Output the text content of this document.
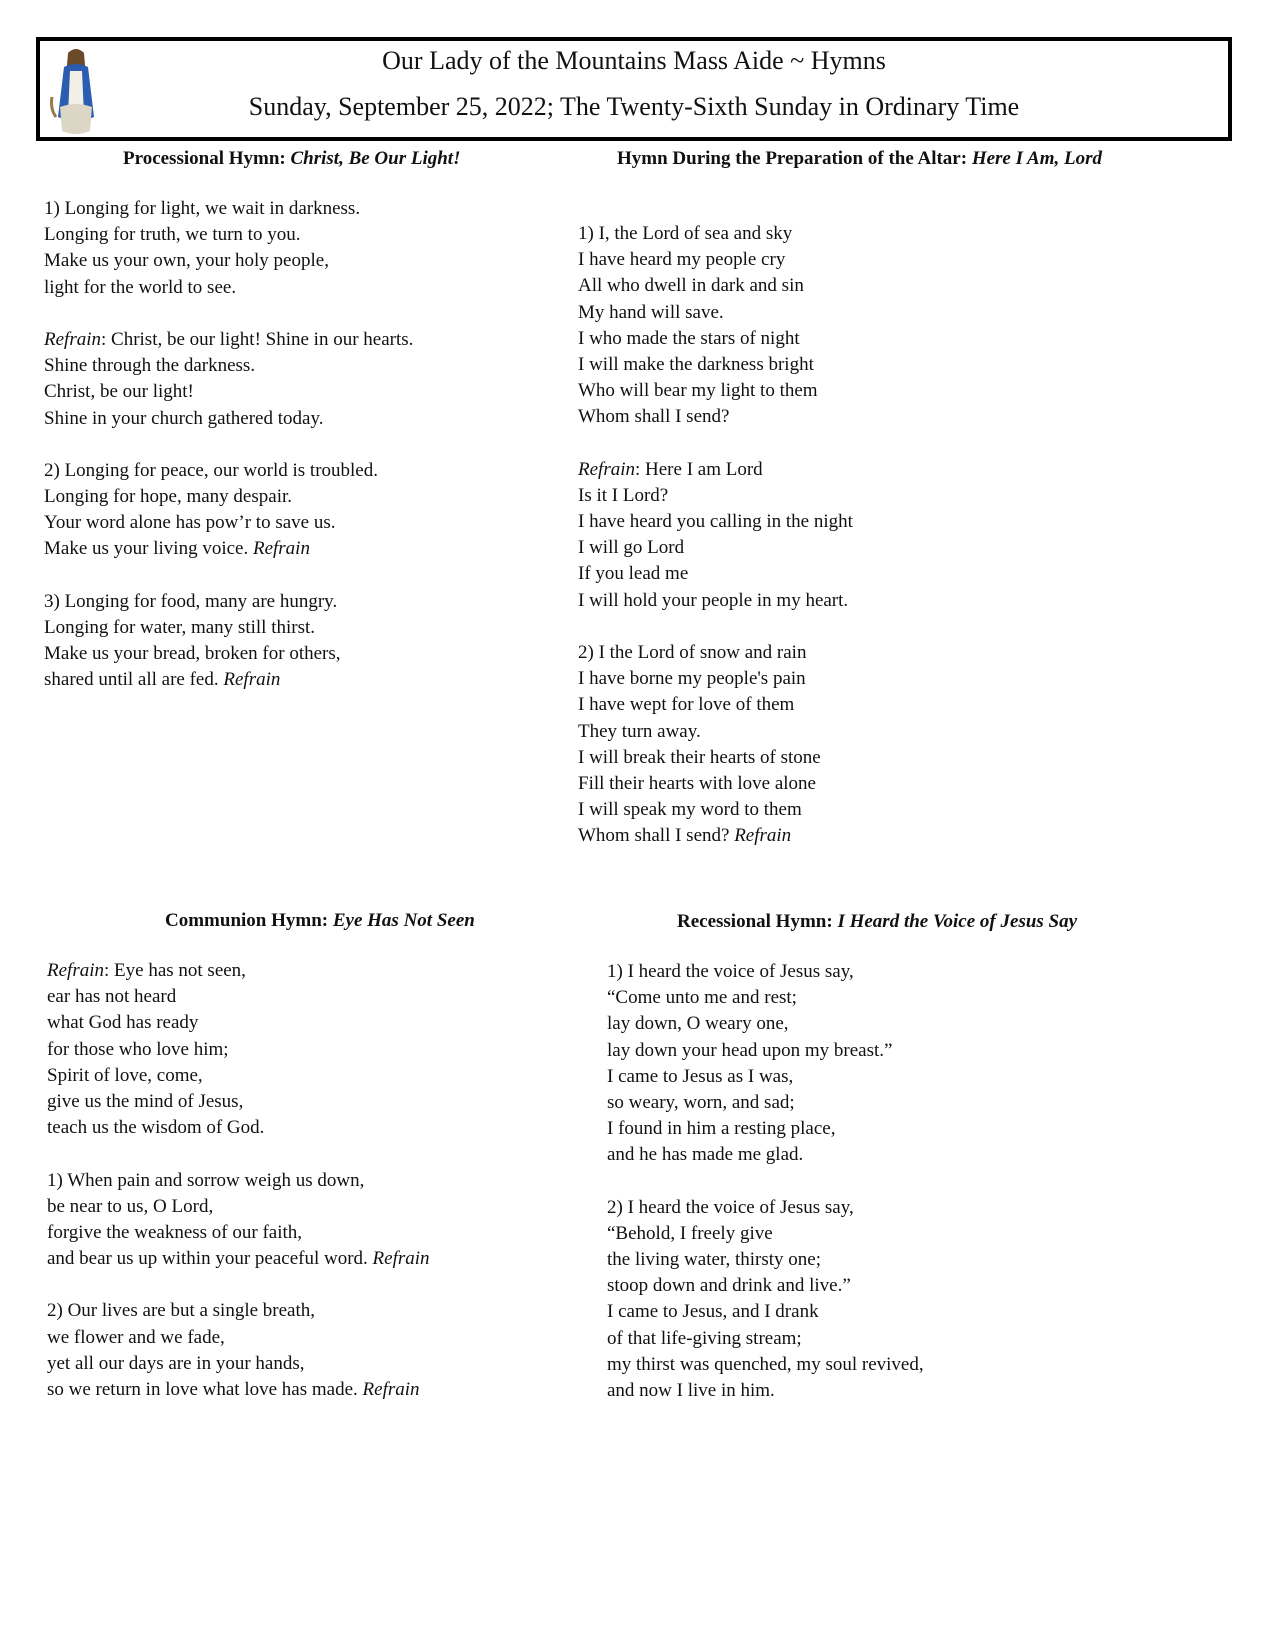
Our Lady of the Mountains Mass Aide ~ Hymns
Sunday, September 25, 2022; The Twenty-Sixth Sunday in Ordinary Time
Processional Hymn: Christ, Be Our Light!
1) Longing for light, we wait in darkness.
Longing for truth, we turn to you.
Make us your own, your holy people,
light for the world to see.
Refrain: Christ, be our light! Shine in our hearts.
Shine through the darkness.
Christ, be our light!
Shine in your church gathered today.
2) Longing for peace, our world is troubled.
Longing for hope, many despair.
Your word alone has pow’r to save us.
Make us your living voice. Refrain
3) Longing for food, many are hungry.
Longing for water, many still thirst.
Make us your bread, broken for others,
shared until all are fed. Refrain
Hymn During the Preparation of the Altar: Here I Am, Lord
1) I, the Lord of sea and sky
I have heard my people cry
All who dwell in dark and sin
My hand will save.
I who made the stars of night
I will make the darkness bright
Who will bear my light to them
Whom shall I send?
Refrain: Here I am Lord
Is it I Lord?
I have heard you calling in the night
I will go Lord
If you lead me
I will hold your people in my heart.
2) I the Lord of snow and rain
I have borne my people's pain
I have wept for love of them
They turn away.
I will break their hearts of stone
Fill their hearts with love alone
I will speak my word to them
Whom shall I send? Refrain
Communion Hymn: Eye Has Not Seen
Refrain: Eye has not seen,
ear has not heard
what God has ready
for those who love him;
Spirit of love, come,
give us the mind of Jesus,
teach us the wisdom of God.
1) When pain and sorrow weigh us down,
be near to us, O Lord,
forgive the weakness of our faith,
and bear us up within your peaceful word. Refrain
2) Our lives are but a single breath,
we flower and we fade,
yet all our days are in your hands,
so we return in love what love has made. Refrain
Recessional Hymn: I Heard the Voice of Jesus Say
1) I heard the voice of Jesus say,
“Come unto me and rest;
lay down, O weary one,
lay down your head upon my breast.”
I came to Jesus as I was,
so weary, worn, and sad;
I found in him a resting place,
and he has made me glad.
2) I heard the voice of Jesus say,
“Behold, I freely give
the living water, thirsty one;
stoop down and drink and live.”
I came to Jesus, and I drank
of that life-giving stream;
my thirst was quenched, my soul revived,
and now I live in him.
